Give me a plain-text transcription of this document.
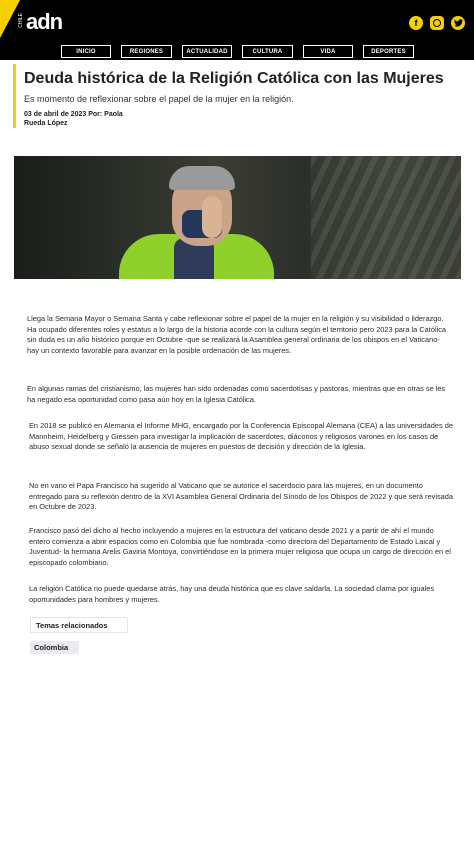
CHILE adn	f
INICIO	REGIONES	ACTUALIDAD	CULTURA	VIDA	DEPORTES
Deuda histórica de la Religión Católica con las Mujeres

Es momento de reflexionar sobre el papel de la mujer en la religión.

03 de abril de 2023 Por: Paola Rueda López

Llega la Semana Mayor o Semana Santa y cabe reflexionar sobre el papel de la mujer en la religión y su visibilidad o liderazgo. Ha ocupado diferentes roles y estatus a lo largo de la historia acorde con la cultura según el territorio pero 2023 para la Católica sin duda es un año histórico porque en Octubre -que se realizará la Asamblea general ordinaria de los obispos en el Vaticano- hay un contexto favorable para avanzar en la posible ordenación de las mujeres.

En algunas ramas del cristianismo, las mujeres han sido ordenadas como sacerdotisas y pastoras, mientras que en otras se les ha negado esa oportunidad como pasa aún hoy en la Iglesia Católica.

En 2018 se publicó en Alemania el Informe MHG, encargado por la Conferencia Episcopal Alemana (CEA) a las universidades de Mannheim, Heidelberg y Giessen para investigar la implicación de sacerdotes, diáconos y religiosos varones en los casos de abuso sexual donde se señaló la ausencia de mujeres en puestos de decisión y dirección de la Iglesia.

No en vano el Papa Francisco ha sugerido al Vaticano que se autorice el sacerdocio para las mujeres, en un documento entregado para su reflexión dentro de la XVI Asamblea General Ordinaria del Sínodo de los Obispos de 2022 y que será revisada en Octubre de 2023.

Francisco pasó del dicho al hecho incluyendo a mujeres en la estructura del vaticano desde 2021 y a partir de ahí el mundo entero comienza a abrir espacios como en Colombia que fue nombrada -como directora del Departamento de Estado Laical y Juventud- la hermana Arelis Gaviria Montoya, convirtiéndose en la primera mujer religiosa que ocupa un cargo de dirección en el episcopado colombiano.

La religión Católica no puede quedarse atrás, hay una deuda histórica que es clave saldarla. La sociedad clama por iguales oportunidades para hombres y mujeres.

Temas relacionados
Colombia
